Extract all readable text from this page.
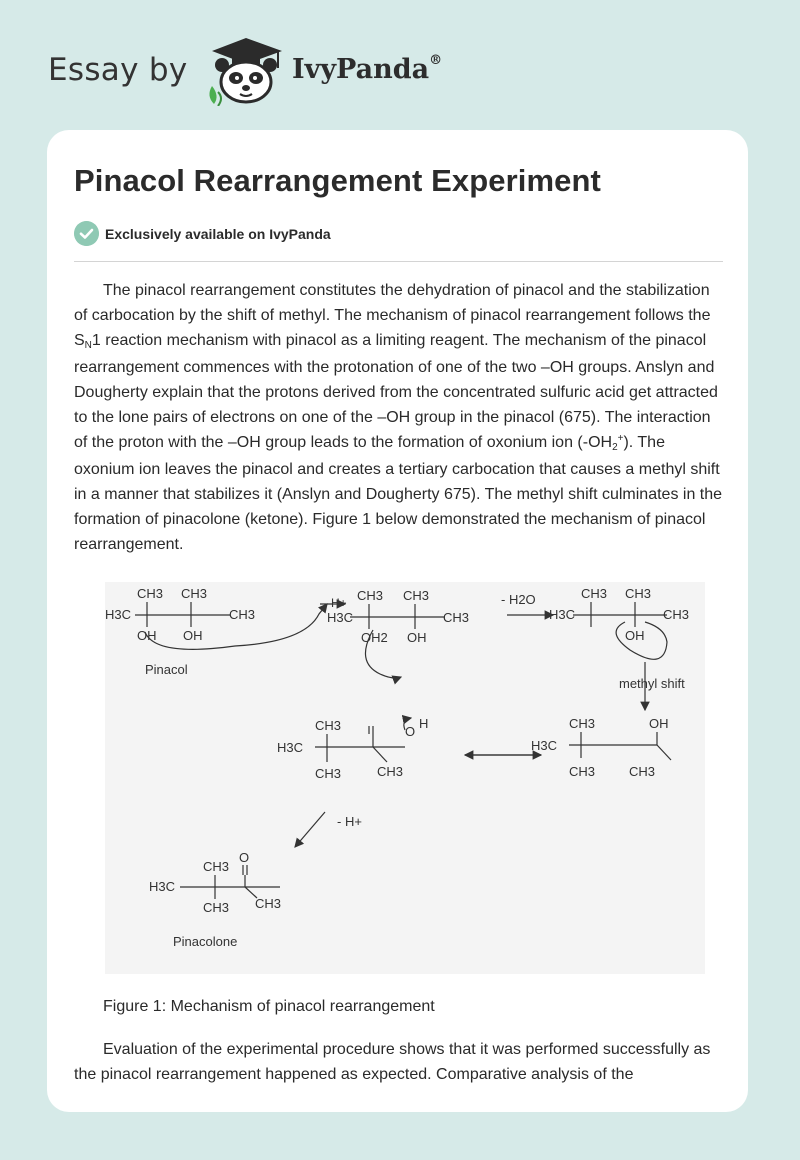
Essay by	IvyPanda®
Pinacol Rearrangement Experiment
Exclusively available on IvyPanda

The pinacol rearrangement constitutes the dehydration of pinacol and the stabilization of carbocation by the shift of methyl. The mechanism of pinacol rearrangement follows the SN1 reaction mechanism with pinacol as a limiting reagent. The mechanism of the pinacol rearrangement commences with the protonation of one of the two –OH groups. Anslyn and Dougherty explain that the protons derived from the concentrated sulfuric acid get attracted to the lone pairs of electrons on one of the –OH group in the pinacol (675). The interaction of the proton with the –OH group leads to the formation of oxonium ion (-OH2+). The oxonium ion leaves the pinacol and creates a tertiary carbocation that causes a methyl shift in a manner that stabilizes it (Anslyn and Dougherty 675). The methyl shift culminates in the formation of pinacolone (ketone). Figure 1 below demonstrated the mechanism of pinacol rearrangement.

CH3 CH3
H3C	CH3
OH OH
Pinacol
H+ CH3 CH3
H3C	CH3
OH2 OH
- H2O	CH3 CH3
H3C	CH3
OH
methyl shift
O
H
CH3
H3C
CH3	CH3
CH3	OH
H3C
CH3	CH3
- H+
CH3
O
H3C
CH3 CH3
Pinacolone

Figure 1: Mechanism of pinacol rearrangement

Evaluation of the experimental procedure shows that it was performed successfully as the pinacol rearrangement happened as expected. Comparative analysis of the
